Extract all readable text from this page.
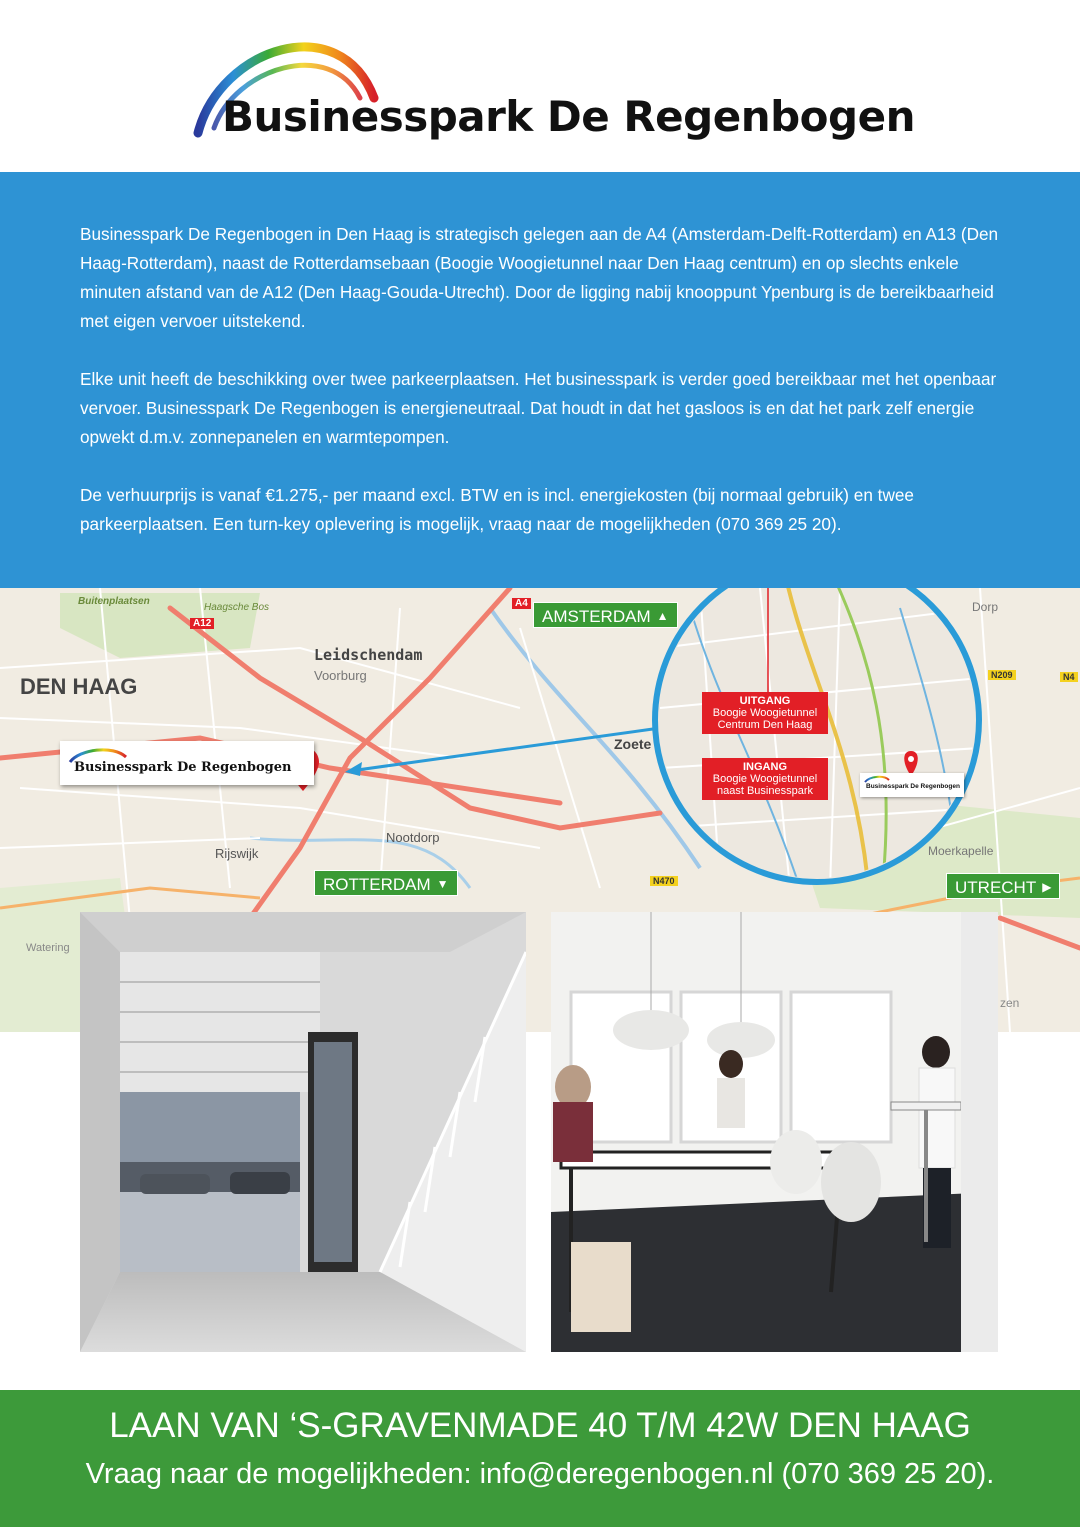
Businesspark De Regenbogen

Businesspark De Regenbogen in Den Haag is strategisch gelegen aan de A4 (Amsterdam-Delft-Rotterdam) en A13 (Den Haag-Rotterdam), naast de Rotterdamsebaan (Boogie Woogietunnel naar Den Haag centrum) en op slechts enkele minuten afstand van de A12 (Den Haag-Gouda-Utrecht). Door de ligging nabij knooppunt Ypenburg is de bereikbaarheid met eigen vervoer uitstekend.

Elke unit heeft de beschikking over twee parkeerplaatsen. Het businesspark is verder goed bereikbaar met het openbaar vervoer. Businesspark De Regenbogen is energieneutraal. Dat houdt in dat het gasloos is en dat het park zelf energie opwekt d.m.v. zonnepanelen en warmtepompen.

De verhuurprijs is vanaf €1.275,- per maand excl. BTW en is incl. energiekosten (bij normaal gebruik) en twee parkeerplaatsen. Een turn-key oplevering is mogelijk, vraag naar de mogelijkheden (070 369 25 20).

DEN HAAG
Leidschendam
Voorburg
Rijswijk
Nootdorp
Zoete
Buitenplaatsen
Haagsche Bos	Dorp
Moerkapelle
Watering
zen
A12
A4
N209
N470
N4
AMSTERDAM ▲
ROTTERDAM ▼	UTRECHT ▶
Businesspark De Regenbogen
Businesspark De Regenbogen
UITGANG
Boogie Woogietunnel
Centrum Den Haag
INGANG
Boogie Woogietunnel
naast Businesspark
LAAN VAN ‘S-GRAVENMADE 40 T/M 42W DEN HAAG
Vraag naar de mogelijkheden: info@deregenbogen.nl (070 369 25 20).
